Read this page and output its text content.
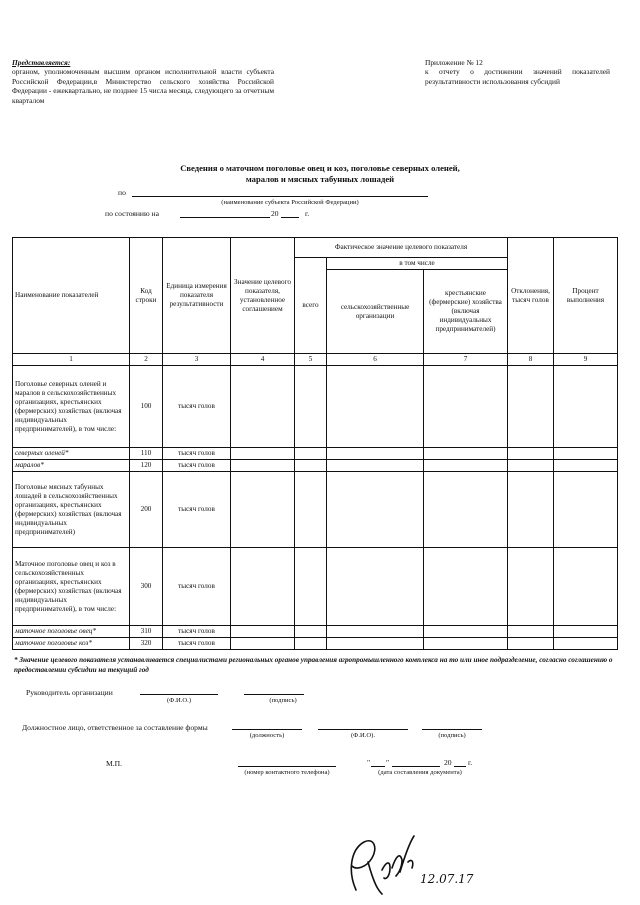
Представляется:
органом, уполномоченным высшим органом исполнительной власти субъекта Российской Федерации,в Министерство сельского хозяйства Российской Федерации - ежеквартально, не позднее 15 числа месяца, следующего за отчетным кварталом
Приложение № 12
к отчету о достижении значений показателей результативности использования субсидий
Сведения о маточном поголовье овец и коз, поголовье северных оленей,
маралов и мясных табунных лошадей
по
(наименование субъекта Российской Федерации)
по состоянию на	20	г.
Наименование показателей	Код строки	Единица измерения показателя результативности	Значение целевого показателя, установленное соглашением	Фактическое значение целевого показателя			Отклонения, тысяч голов	Процент выполнения
				всего	в том числе			
					сельскохозяйственные организации	крестьянские (фермерские) хозяйства (включая индивидуальных предпринимателей)		
1	2	3	4	5	6	7	8	9
Поголовье северных оленей и маралов в сельскохозяйственных организациях, крестьянских (фермерских) хозяйствах (включая индивидуальных предпринимателей), в том числе:	100	тысяч голов						
северных оленей*	110	тысяч голов						
маралов*	120	тысяч голов						
Поголовье мясных табунных лошадей в сельскохозяйственных организациях, крестьянских (фермерских) хозяйствах (включая индивидуальных предпринимателей)	200	тысяч голов						
Маточное поголовье овец и коз в сельскохозяйственных организациях, крестьянских (фермерских) хозяйствах (включая индивидуальных предпринимателей), в том числе:	300	тысяч голов						
маточное поголовье овец*	310	тысяч голов						
маточное поголовье коз*	320	тысяч голов						
* Значение целевого показателя устанавливается специалистами региональных органов управления агропромышленного комплекса на то или иное подразделение, согласно соглашению о предоставлении субсидии на текущий год
Руководитель организации
(Ф.И.О.)	(подпись)
Должностное лицо, ответственное за составление формы
(должность)	(Ф.И.О).	(подпись)
М.П.
(номер контактного телефона)
" "	20 г.
(дата составления документа)
12.07.17
